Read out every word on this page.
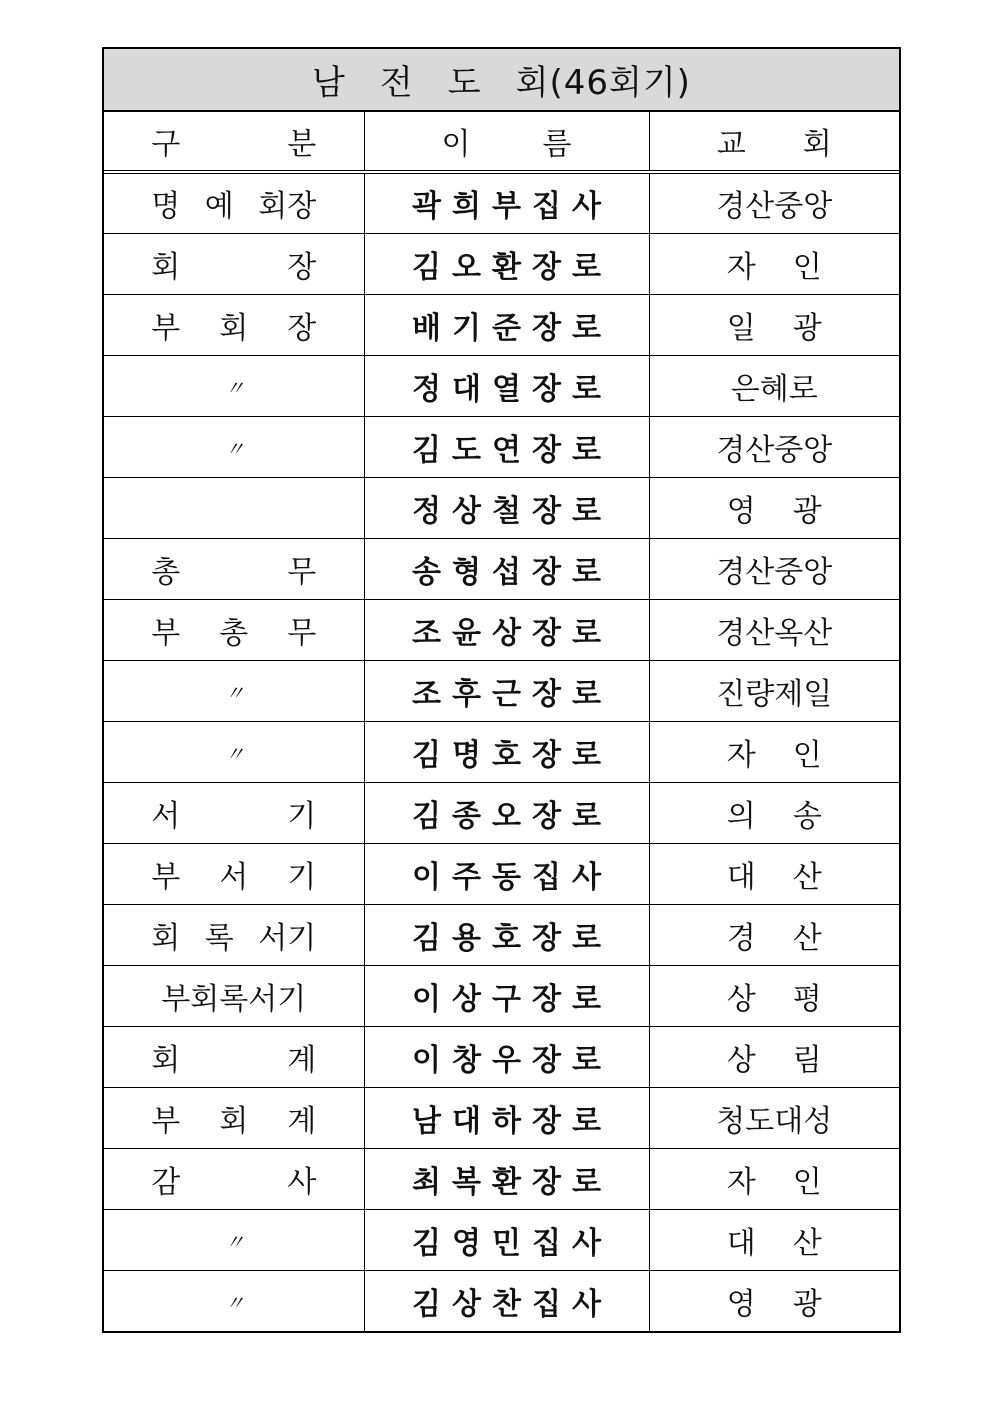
남 전 도 회(46회기)
구 분	이 름	교 회

명 예 회장	곽희부집사	경산중앙

회 장	김오환장로	자 인

부 회 장	배기준장로	일 광

〃	정대열장로	은혜로
〃	김도연장로	경산중앙
	정상철장로	영 광

총 무	송형섭장로	경산중앙

부 총 무	조윤상장로	경산옥산
〃	조후근장로	진량제일
〃	김명호장로	자 인

서 기	김종오장로	의 송

부 서 기	이주동집사	대 산

회 록 서기	김용호장로	경 산

부회록서기	이상구장로	상 평

회 계	이창우장로	상 림

부 회 계	남대하장로	청도대성

감 사	최복환장로	자 인

〃	김영민집사	대 산

〃	김상찬집사	영 광
